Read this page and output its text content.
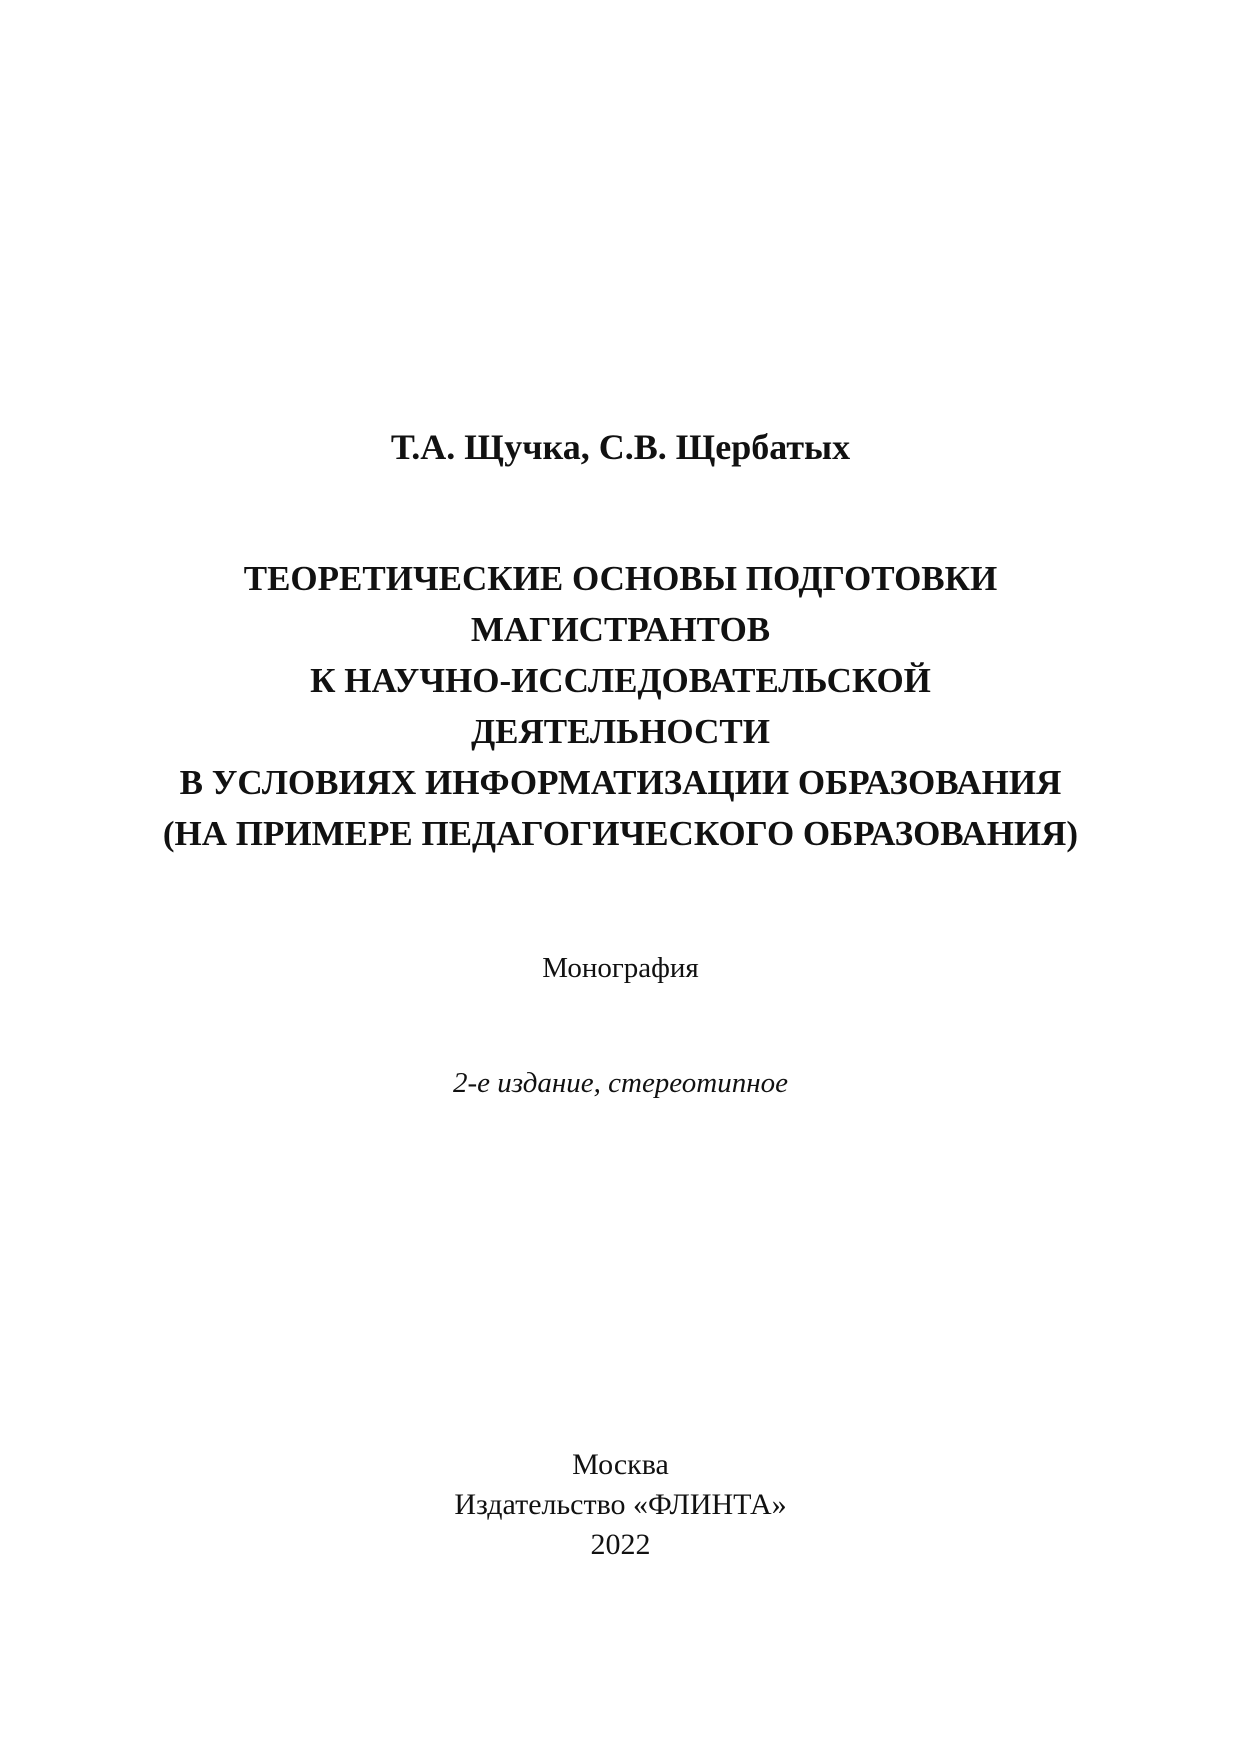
Т.А. Щучка, С.В. Щербатых
ТЕОРЕТИЧЕСКИЕ ОСНОВЫ ПОДГОТОВКИ
МАГИСТРАНТОВ
К НАУЧНО-ИССЛЕДОВАТЕЛЬСКОЙ
ДЕЯТЕЛЬНОСТИ
В УСЛОВИЯХ ИНФОРМАТИЗАЦИИ ОБРАЗОВАНИЯ
(НА ПРИМЕРЕ ПЕДАГОГИЧЕСКОГО ОБРАЗОВАНИЯ)
Монография
2-е издание, стереотипное
Москва
Издательство «ФЛИНТА»
2022
